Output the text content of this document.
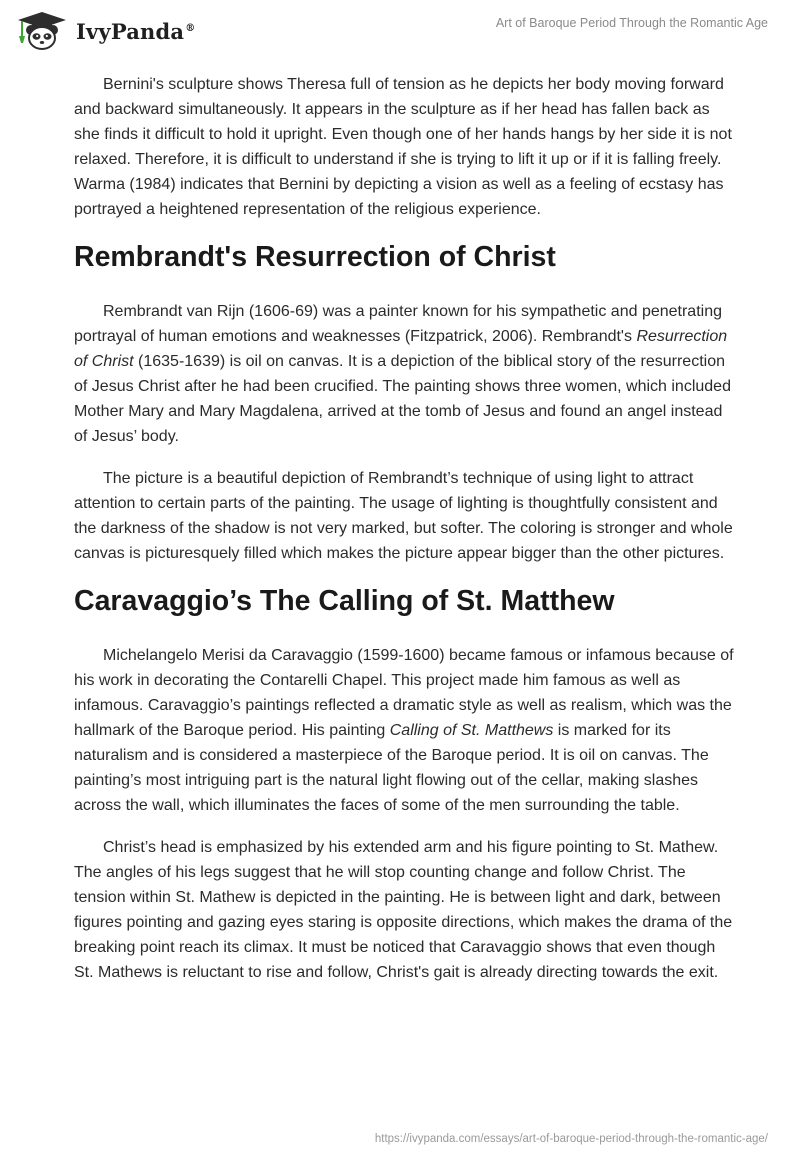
IvyPanda®	Art of Baroque Period Through the Romantic Age

Bernini's sculpture shows Theresa full of tension as he depicts her body moving forward and backward simultaneously. It appears in the sculpture as if her head has fallen back as she finds it difficult to hold it upright. Even though one of her hands hangs by her side it is not relaxed. Therefore, it is difficult to understand if she is trying to lift it up or if it is falling freely. Warma (1984) indicates that Bernini by depicting a vision as well as a feeling of ecstasy has portrayed a heightened representation of the religious experience.

Rembrandt's Resurrection of Christ

Rembrandt van Rijn (1606-69) was a painter known for his sympathetic and penetrating portrayal of human emotions and weaknesses (Fitzpatrick, 2006). Rembrandt's Resurrection of Christ (1635-1639) is oil on canvas. It is a depiction of the biblical story of the resurrection of Jesus Christ after he had been crucified. The painting shows three women, which included Mother Mary and Mary Magdalena, arrived at the tomb of Jesus and found an angel instead of Jesus’ body.

The picture is a beautiful depiction of Rembrandt’s technique of using light to attract attention to certain parts of the painting. The usage of lighting is thoughtfully consistent and the darkness of the shadow is not very marked, but softer. The coloring is stronger and whole canvas is picturesquely filled which makes the picture appear bigger than the other pictures.

Caravaggio’s The Calling of St. Matthew

Michelangelo Merisi da Caravaggio (1599-1600) became famous or infamous because of his work in decorating the Contarelli Chapel. This project made him famous as well as infamous. Caravaggio’s paintings reflected a dramatic style as well as realism, which was the hallmark of the Baroque period. His painting Calling of St. Matthews is marked for its naturalism and is considered a masterpiece of the Baroque period. It is oil on canvas. The painting’s most intriguing part is the natural light flowing out of the cellar, making slashes across the wall, which illuminates the faces of some of the men surrounding the table.

Christ’s head is emphasized by his extended arm and his figure pointing to St. Mathew. The angles of his legs suggest that he will stop counting change and follow Christ. The tension within St. Mathew is depicted in the painting. He is between light and dark, between figures pointing and gazing eyes staring is opposite directions, which makes the drama of the breaking point reach its climax. It must be noticed that Caravaggio shows that even though St. Mathews is reluctant to rise and follow, Christ's gait is already directing towards the exit.

https://ivypanda.com/essays/art-of-baroque-period-through-the-romantic-age/
